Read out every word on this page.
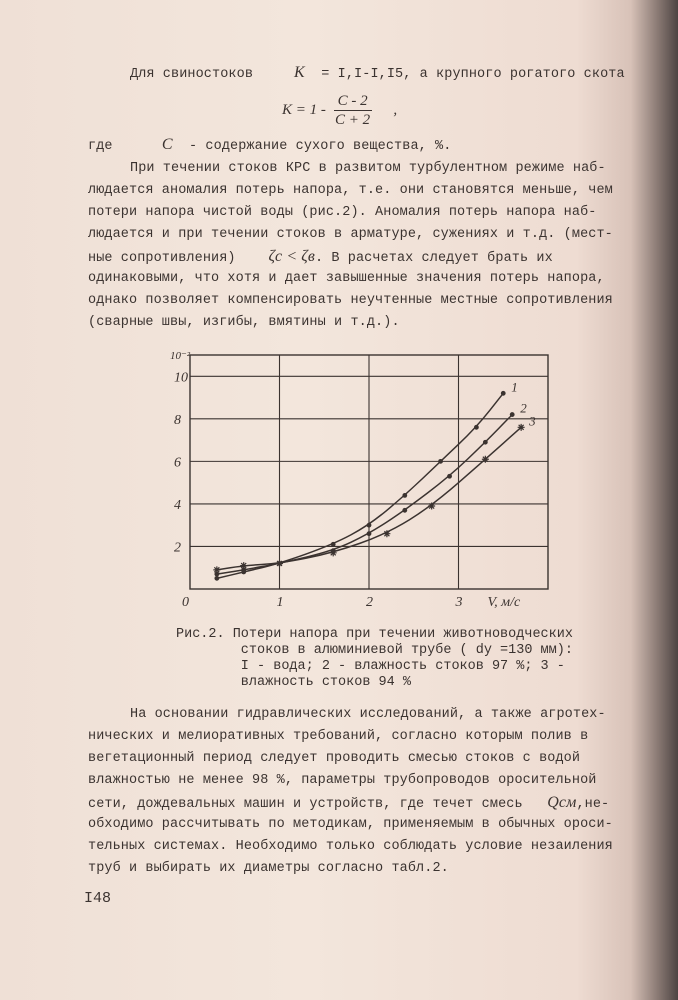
Для свиностоков	K = I,I-I,I5, а крупного рогатого скота
$K = 1 - \frac{C - 2}{C + 2}$ ,
где	C - содержание сухого вещества, %.
При течении стоков КРС в развитом турбулентном режиме наб-
людается аномалия потерь напора, т.е. они становятся меньше, чем
потери напора чистой воды (рис.2). Аномалия потерь напора наб-
людается и при течении стоков в арматуре, сужениях и т.д. (мест-
ные сопротивления) ζc < ζв. В расчетах следует брать их
одинаковыми, что хотя и дает завышенные значения потерь напора,
однако позволяет компенсировать неучтенные местные сопротивления
(сварные швы, изгибы, вмятины и т.д.).
0	1	2	3
2
4
6
8
10
10⁻²
V, м/с
1
2
3
Рис.2. Потери напора при течении животноводческих
стоков в алюминиевой трубе ( dy =130 мм):
I - вода; 2 - влажность стоков 97 %; 3 -
влажность стоков 94 %
На основании гидравлических исследований, а также агротех-
нических и мелиоративных требований, согласно которым полив в
вегетационный период следует проводить смесью стоков с водой
влажностью не менее 98 %, параметры трубопроводов оросительной
сети, дождевальных машин и устройств, где течет смесь Qсм,не-
обходимо рассчитывать по методикам, применяемым в обычных ороси-
тельных системах. Необходимо только соблюдать условие незаиления
труб и выбирать их диаметры согласно табл.2.
I48
